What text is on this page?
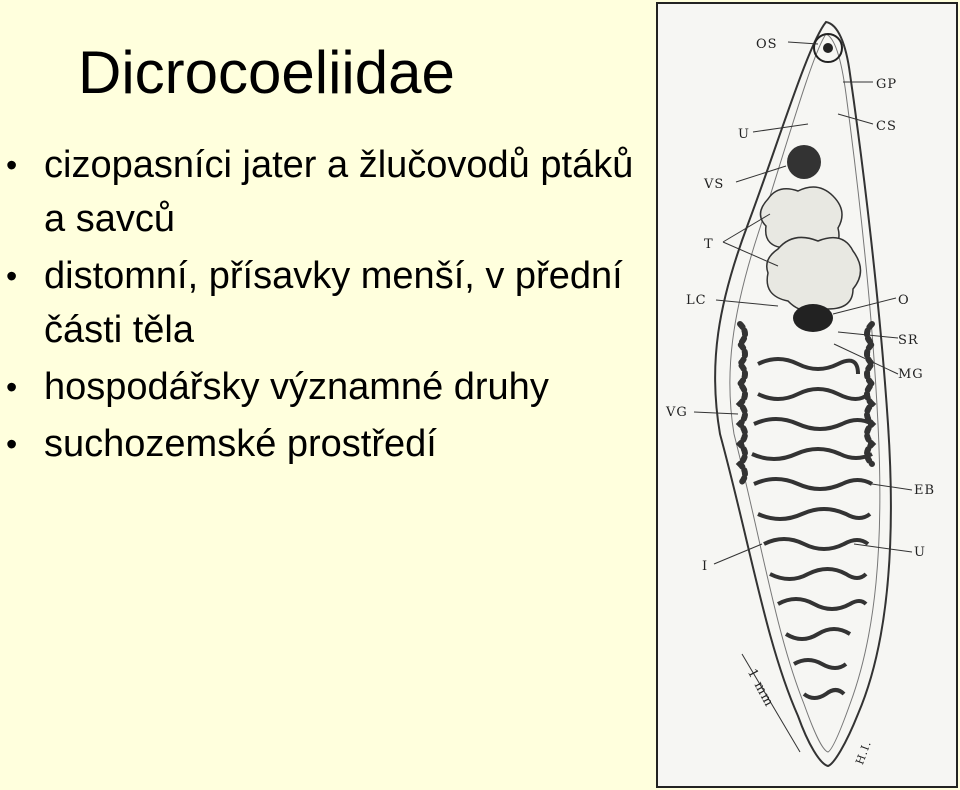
Dicrocoeliidae
• cizopasníci jater a žlučovodů ptáků a savců
• distomní, přísavky menší, v přední části těla
• hospodářsky významné druhy
• suchozemské prostředí
OS
GP
CS
U
VS
T
LC	O
SR
MG
VG
EB
U
I
1 mm
H.I.
